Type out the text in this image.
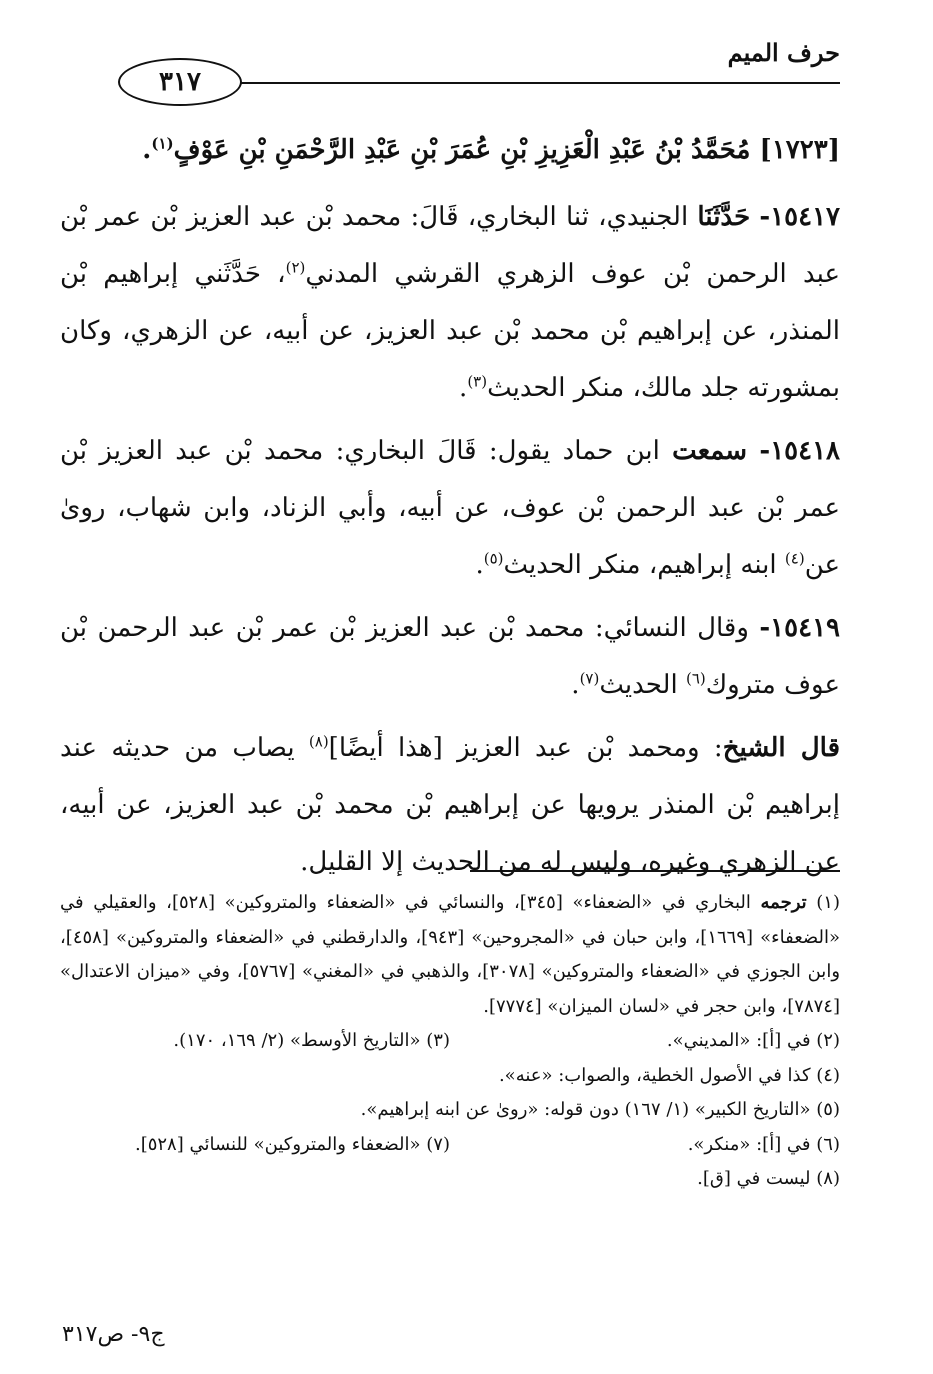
حرف الميم
٣١٧

[١٧٢٣] مُحَمَّدُ بْنُ عَبْدِ الْعَزِيزِ بْنِ عُمَرَ بْنِ عَبْدِ الرَّحْمَنِ بْنِ عَوْفٍ$^{(١)}$.

١٥٤١٧- حَدَّثَنَا الجنيدي، ثنا البخاري، قَالَ: محمد بْن عبد العزيز بْن عمر بْن عبد الرحمن بْن عوف الزهري القرشي المدني$^{(٢)}$، حَدَّثَني إبراهيم بْن المنذر، عن إبراهيم بْن محمد بْن عبد العزيز، عن أبيه، عن الزهري، وكان بمشورته جلد مالك، منكر الحديث$^{(٣)}$.

١٥٤١٨- سمعت ابن حماد يقول: قَالَ البخاري: محمد بْن عبد العزيز بْن عمر بْن عبد الرحمن بْن عوف، عن أبيه، وأبي الزناد، وابن شهاب، روىٰ عن$^{(٤)}$ ابنه إبراهيم، منكر الحديث$^{(٥)}$.

١٥٤١٩- وقال النسائي: محمد بْن عبد العزيز بْن عمر بْن عبد الرحمن بْن عوف متروك$^{(٦)}$ الحديث$^{(٧)}$.

قال الشيخ: ومحمد بْن عبد العزيز [هذا أيضًا]$^{(٨)}$ يصاب من حديثه عند إبراهيم بْن المنذر يرويها عن إبراهيم بْن محمد بْن عبد العزيز، عن أبيه، عن الزهري وغيره، وليس له من الحديث إلا القليل.

(١) ترجمه البخاري في «الضعفاء» [٣٤٥]، والنسائي في «الضعفاء والمتروكين» [٥٢٨]، والعقيلي في «الضعفاء» [١٦٦٩]، وابن حبان في «المجروحين» [٩٤٣]، والدارقطني في «الضعفاء والمتروكين» [٤٥٨]، وابن الجوزي في «الضعفاء والمتروكين» [٣٠٧٨]، والذهبي في «المغني» [٥٧٦٧]، وفي «ميزان الاعتدال» [٧٨٧٤]، وابن حجر في «لسان الميزان» [٧٧٧٤].

(٢) في [أ]: «المديني».
(٣) «التاريخ الأوسط» (٢/ ١٦٩، ١٧٠).

(٤) كذا في الأصول الخطية، والصواب: «عنه».

(٥) «التاريخ الكبير» (١/ ١٦٧) دون قوله: «روىٰ عن ابنه إبراهيم».

(٦) في [أ]: «منكر».
(٧) «الضعفاء والمتروكين» للنسائي [٥٢٨].

(٨) ليست في [ق].

ج٩- ص٣١٧
